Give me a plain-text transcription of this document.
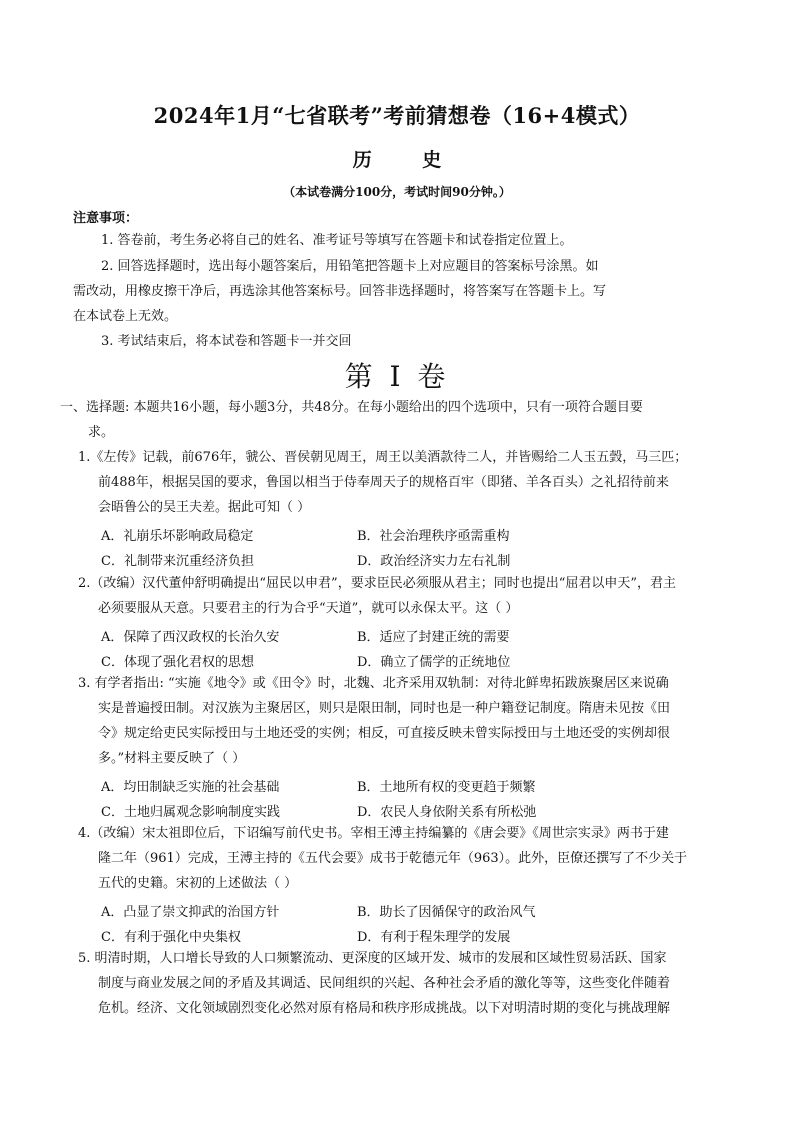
2024年1月“七省联考”考前猜想卷（16+4模式）
历 史
（本试卷满分100分，考试时间90分钟。）
注意事项：
1. 答卷前，考生务必将自己的姓名、准考证号等填写在答题卡和试卷指定位置上。
2. 回答选择题时，选出每小题答案后，用铅笔把答题卡上对应题目的答案标号涂黑。如
需改动，用橡皮擦干净后，再选涂其他答案标号。回答非选择题时，将答案写在答题卡上。写
在本试卷上无效。
3. 考试结束后，将本试卷和答题卡一并交回
第 I 卷
一、选择题: 本题共16小题，每小题3分，共48分。在每小题给出的四个选项中，只有一项符合题目要
求。
1.《左传》记载，前676年，虢公、晋侯朝见周王，周王以美酒款待二人，并皆赐给二人玉五瑴，马三匹；
前488年，根据吴国的要求，鲁国以相当于侍奉周天子的规格百牢（即猪、羊各百头）之礼招待前来
会晤鲁公的吴王夫差。据此可知（ ）
A．礼崩乐坏影响政局稳定	B．社会治理秩序亟需重构
C．礼制带来沉重经济负担	D．政治经济实力左右礼制
2.（改编）汉代董仲舒明确提出“屈民以申君”，要求臣民必须服从君主；同时也提出“屈君以申天”，君主
必须要服从天意。只要君主的行为合乎“天道”，就可以永保太平。这（ ）
A．保障了西汉政权的长治久安	B．适应了封建正统的需要
C．体现了强化君权的思想	D．确立了儒学的正统地位
3. 有学者指出: “实施《地令》或《田令》时，北魏、北齐采用双轨制：对待北鲜卑拓跋族聚居区来说确
实是普遍授田制。对汉族为主聚居区，则只是限田制，同时也是一种户籍登记制度。隋唐未见按《田
令》规定给吏民实际授田与土地还受的实例；相反，可直接反映未曾实际授田与土地还受的实例却很
多。”材料主要反映了（ ）
A．均田制缺乏实施的社会基础	B．土地所有权的变更趋于频繁
C．土地归属观念影响制度实践	D．农民人身依附关系有所松弛
4.（改编）宋太祖即位后，下诏编写前代史书。宰相王溥主持编纂的《唐会要》《周世宗实录》两书于建
隆二年（961）完成，王溥主持的《五代会要》成书于乾德元年（963）。此外，臣僚还撰写了不少关于
五代的史籍。宋初的上述做法（ ）
A．凸显了崇文抑武的治国方针	B．助长了因循保守的政治风气
C．有利于强化中央集权	D．有利于程朱理学的发展
5. 明清时期，人口增长导致的人口频繁流动、更深度的区域开发、城市的发展和区域性贸易活跃、国家
制度与商业发展之间的矛盾及其调适、民间组织的兴起、各种社会矛盾的激化等等，这些变化伴随着
危机。经济、文化领域剧烈变化必然对原有格局和秩序形成挑战。以下对明清时期的变化与挑战理解
